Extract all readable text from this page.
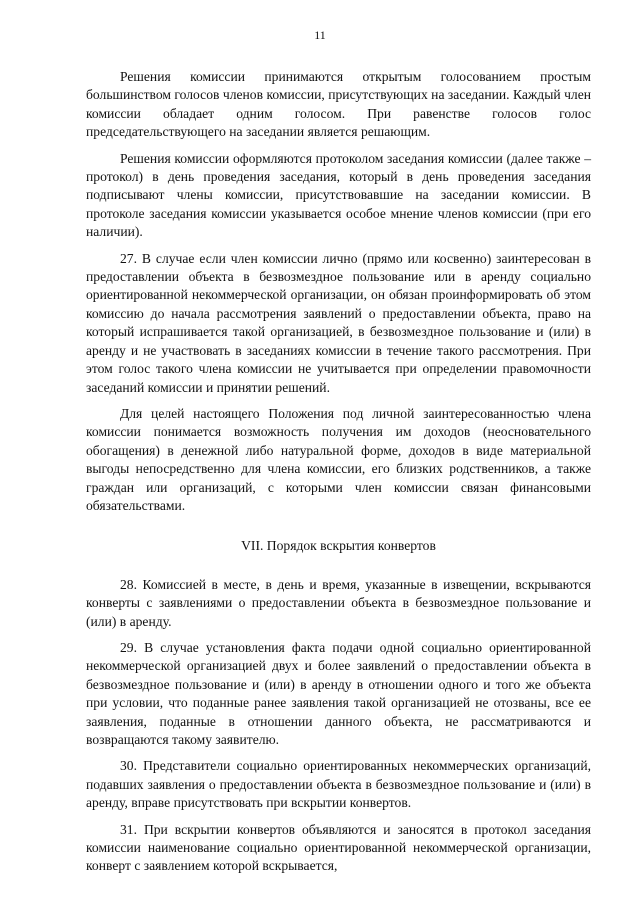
11

Решения комиссии принимаются открытым голосованием простым большинством голосов членов комиссии, присутствующих на заседании. Каждый член комиссии обладает одним голосом. При равенстве голосов голос председательствующего на заседании является решающим.

Решения комиссии оформляются протоколом заседания комиссии (далее также – протокол) в день проведения заседания, который в день проведения заседания подписывают члены комиссии, присутствовавшие на заседании комиссии. В протоколе заседания комиссии указывается особое мнение членов комиссии (при его наличии).

27. В случае если член комиссии лично (прямо или косвенно) заинтересован в предоставлении объекта в безвозмездное пользование или в аренду социально ориентированной некоммерческой организации, он обязан проинформировать об этом комиссию до начала рассмотрения заявлений о предоставлении объекта, право на который испрашивается такой организацией, в безвозмездное пользование и (или) в аренду и не участвовать в заседаниях комиссии в течение такого рассмотрения. При этом голос такого члена комиссии не учитывается при определении правомочности заседаний комиссии и принятии решений.

Для целей настоящего Положения под личной заинтересованностью члена комиссии понимается возможность получения им доходов (неосновательного обогащения) в денежной либо натуральной форме, доходов в виде материальной выгоды непосредственно для члена комиссии, его близких родственников, а также граждан или организаций, с которыми член комиссии связан финансовыми обязательствами.

VII. Порядок вскрытия конвертов

28. Комиссией в месте, в день и время, указанные в извещении, вскрываются конверты с заявлениями о предоставлении объекта в безвозмездное пользование и (или) в аренду.

29. В случае установления факта подачи одной социально ориентированной некоммерческой организацией двух и более заявлений о предоставлении объекта в безвозмездное пользование и (или) в аренду в отношении одного и того же объекта при условии, что поданные ранее заявления такой организацией не отозваны, все ее заявления, поданные в отношении данного объекта, не рассматриваются и возвращаются такому заявителю.

30. Представители социально ориентированных некоммерческих организаций, подавших заявления о предоставлении объекта в безвозмездное пользование и (или) в аренду, вправе присутствовать при вскрытии конвертов.

31. При вскрытии конвертов объявляются и заносятся в протокол заседания комиссии наименование социально ориентированной некоммерческой организации, конверт с заявлением которой вскрывается,
